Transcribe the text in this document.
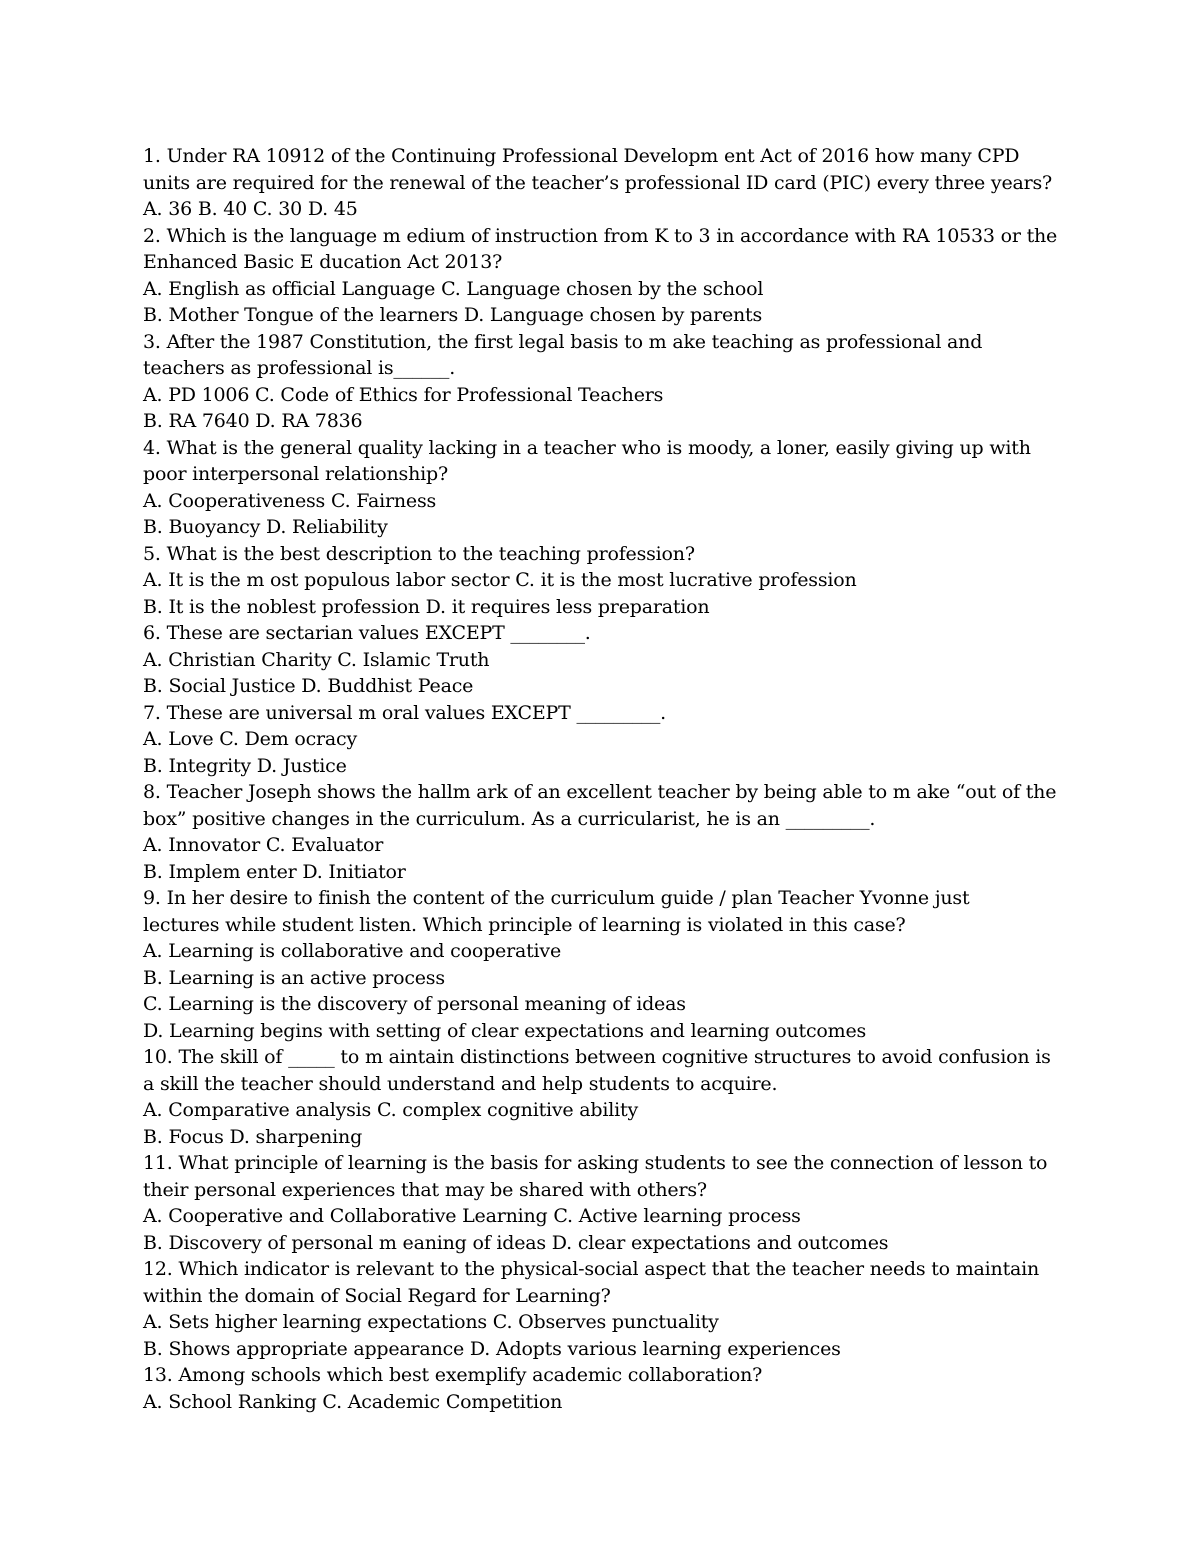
1. Under RA 10912 of the Continuing Professional Developm ent Act of 2016 how many CPD
units are required for the renewal of the teacher’s professional ID card (PIC) every three years?
A. 36 B. 40 C. 30 D. 45
2. Which is the language m edium of instruction from K to 3 in accordance with RA 10533 or the
Enhanced Basic E ducation Act 2013?
A. English as official Language C. Language chosen by the school
B. Mother Tongue of the learners D. Language chosen by parents
3. After the 1987 Constitution, the first legal basis to m ake teaching as professional and
teachers as professional is______.
A. PD 1006 C. Code of Ethics for Professional Teachers
B. RA 7640 D. RA 7836
4. What is the general quality lacking in a teacher who is moody, a loner, easily giving up with
poor interpersonal relationship?
A. Cooperativeness C. Fairness
B. Buoyancy D. Reliability
5. What is the best description to the teaching profession?
A. It is the m ost populous labor sector C. it is the most lucrative profession
B. It is the noblest profession D. it requires less preparation
6. These are sectarian values EXCEPT ________.
A. Christian Charity C. Islamic Truth
B. Social Justice D. Buddhist Peace
7. These are universal m oral values EXCEPT _________.
A. Love C. Dem ocracy
B. Integrity D. Justice
8. Teacher Joseph shows the hallm ark of an excellent teacher by being able to m ake “out of the
box” positive changes in the curriculum. As a curricularist, he is an _________.
A. Innovator C. Evaluator
B. Implem enter D. Initiator
9. In her desire to finish the content of the curriculum guide / plan Teacher Yvonne just
lectures while student listen. Which principle of learning is violated in this case?
A. Learning is collaborative and cooperative
B. Learning is an active process
C. Learning is the discovery of personal meaning of ideas
D. Learning begins with setting of clear expectations and learning outcomes
10. The skill of _____ to m aintain distinctions between cognitive structures to avoid confusion is
a skill the teacher should understand and help students to acquire.
A. Comparative analysis C. complex cognitive ability
B. Focus D. sharpening
11. What principle of learning is the basis for asking students to see the connection of lesson to
their personal experiences that may be shared with others?
A. Cooperative and Collaborative Learning C. Active learning process
B. Discovery of personal m eaning of ideas D. clear expectations and outcomes
12. Which indicator is relevant to the physical-social aspect that the teacher needs to maintain
within the domain of Social Regard for Learning?
A. Sets higher learning expectations C. Observes punctuality
B. Shows appropriate appearance D. Adopts various learning experiences
13. Among schools which best exemplify academic collaboration?
A. School Ranking C. Academic Competition
